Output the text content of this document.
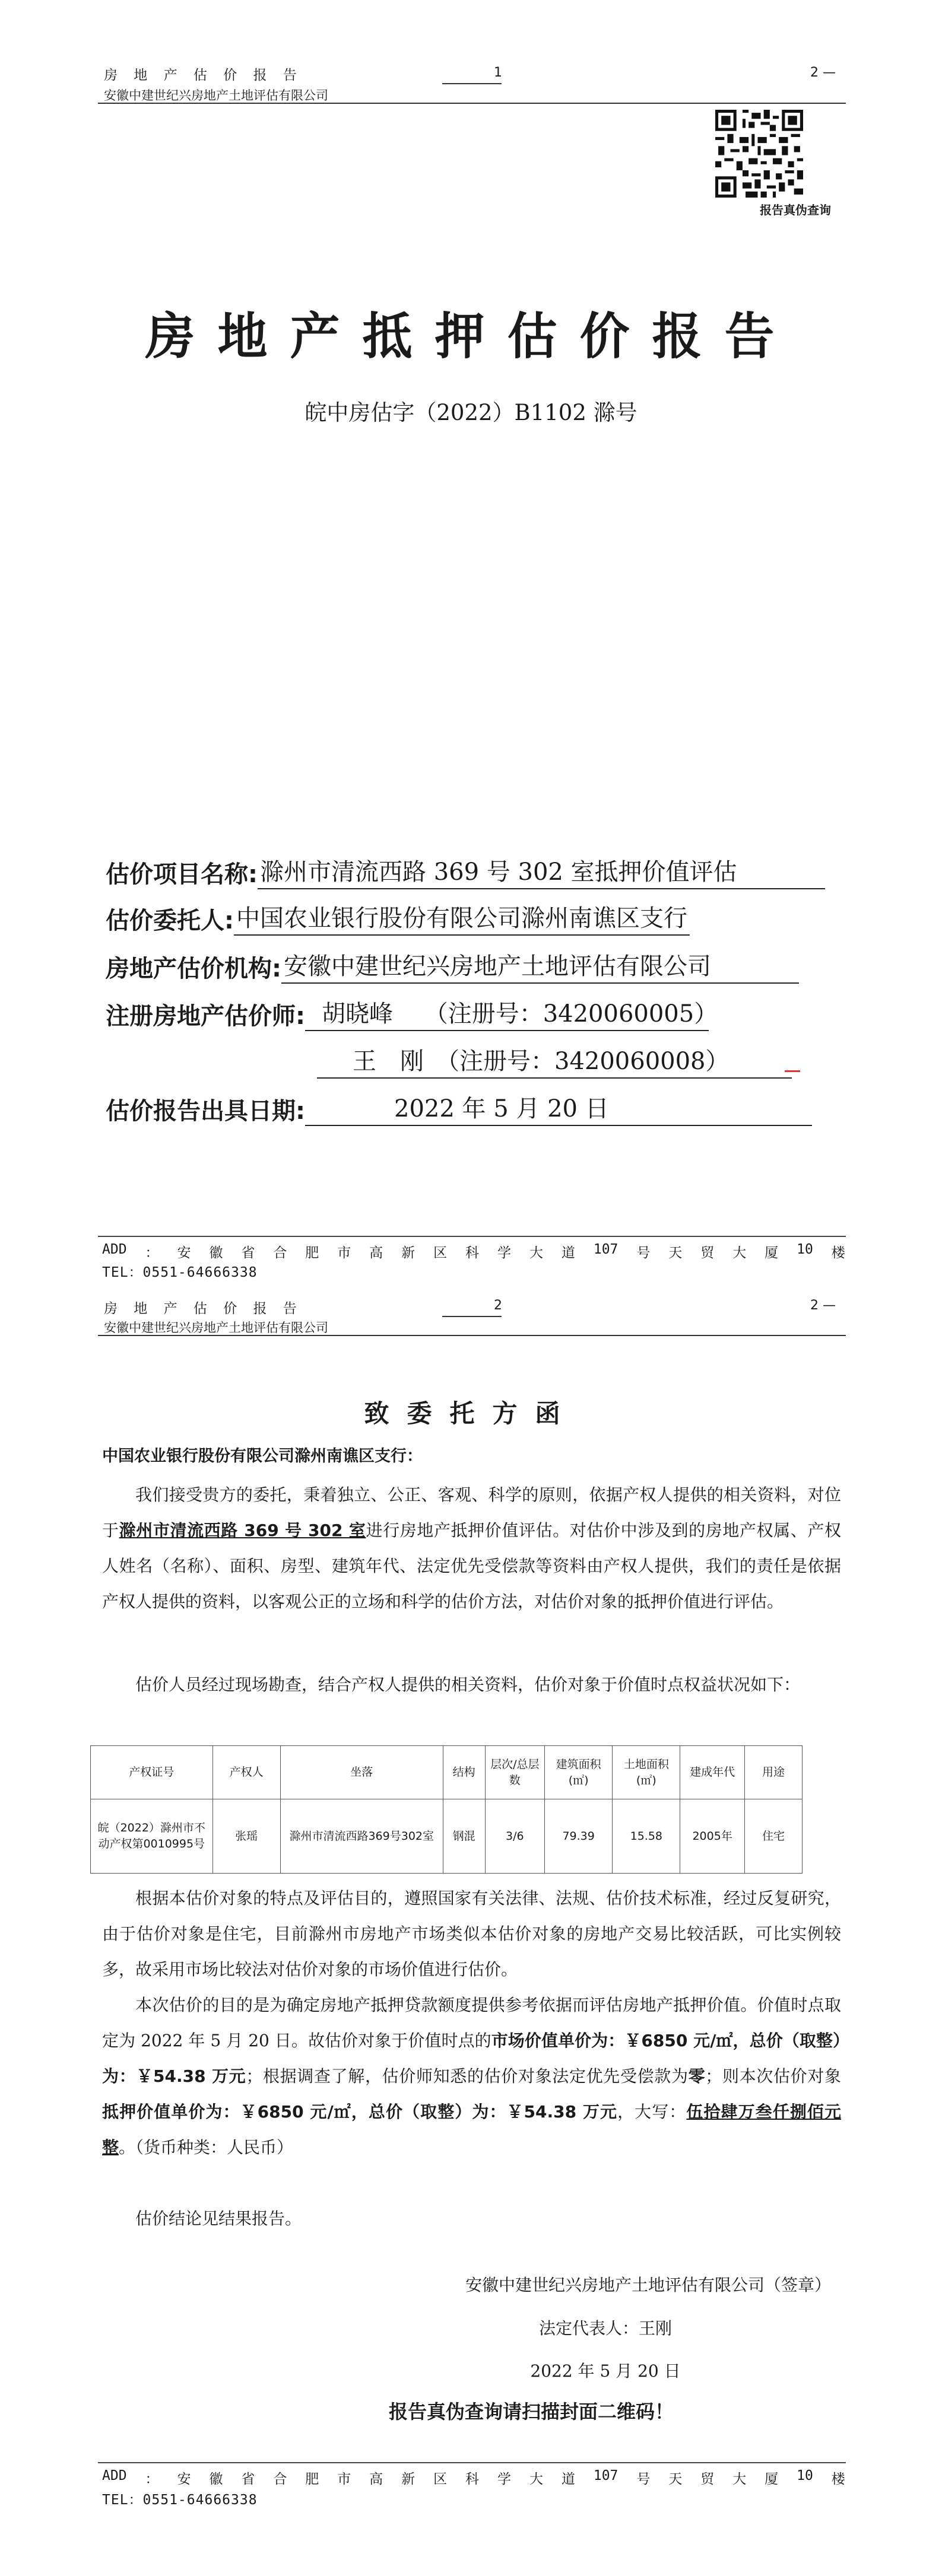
房 地 产 估 价 报 告
安徽中建世纪兴房地产土地评估有限公司
1	2 —
报告真伪查询
房地产抵押估价报告
皖中房估字（2022）B1102 滁号
估价项目名称: 滁州市清流西路 369 号 302 室抵押价值评估
估价委托人: 中国农业银行股份有限公司滁州南谯区支行
房地产估价机构: 安徽中建世纪兴房地产土地评估有限公司
注册房地产估价师: 胡晓峰　 （注册号：3420060005）
王　刚　（注册号：3420060008）
估价报告出具日期:	2022 年 5 月 20 日
ADD ： 安 徽 省 合 肥 市 高 新 区 科 学 大 道 107 号 天 贸 大 厦 10 楼
TEL：0551-64666338
房 地 产 估 价 报 告
安徽中建世纪兴房地产土地评估有限公司
2	2 —
致委托方函
中国农业银行股份有限公司滁州南谯区支行：
我们接受贵方的委托，秉着独立、公正、客观、科学的原则，依据产权人提供的相关资料，对位于滁州市清流西路 369 号 302 室进行房地产抵押价值评估。对估价中涉及到的房地产权属、产权人姓名（名称）、面积、房型、建筑年代、法定优先受偿款等资料由产权人提供，我们的责任是依据产权人提供的资料，以客观公正的立场和科学的估价方法，对估价对象的抵押价值进行评估。
估价人员经过现场勘查，结合产权人提供的相关资料，估价对象于价值时点权益状况如下：
产权证号	产权人	坐落	结构	层次/总层数	建筑面积(㎡)	土地面积(㎡)	建成年代	用途
皖（2022）滁州市不动产权第0010995号	张瑶	滁州市清流西路369号302室	钢混	3/6	79.39	15.58	2005年	住宅
根据本估价对象的特点及评估目的，遵照国家有关法律、法规、估价技术标准，经过反复研究，由于估价对象是住宅，目前滁州市房地产市场类似本估价对象的房地产交易比较活跃，可比实例较多，故采用市场比较法对估价对象的市场价值进行估价。
本次估价的目的是为确定房地产抵押贷款额度提供参考依据而评估房地产抵押价值。价值时点取定为 2022 年 5 月 20 日。故估价对象于价值时点的市场价值单价为：￥6850 元/㎡，总价（取整）为：￥54.38 万元；根据调查了解，估价师知悉的估价对象法定优先受偿款为零；则本次估价对象抵押价值单价为：￥6850 元/㎡，总价（取整）为：￥54.38 万元，大写：伍拾肆万叁仟捌佰元整。（货币种类：人民币）
估价结论见结果报告。
安徽中建世纪兴房地产土地评估有限公司（签章）
法定代表人：王刚
2022 年 5 月 20 日
报告真伪查询请扫描封面二维码！
ADD ： 安 徽 省 合 肥 市 高 新 区 科 学 大 道 107 号 天 贸 大 厦 10 楼
TEL：0551-64666338
